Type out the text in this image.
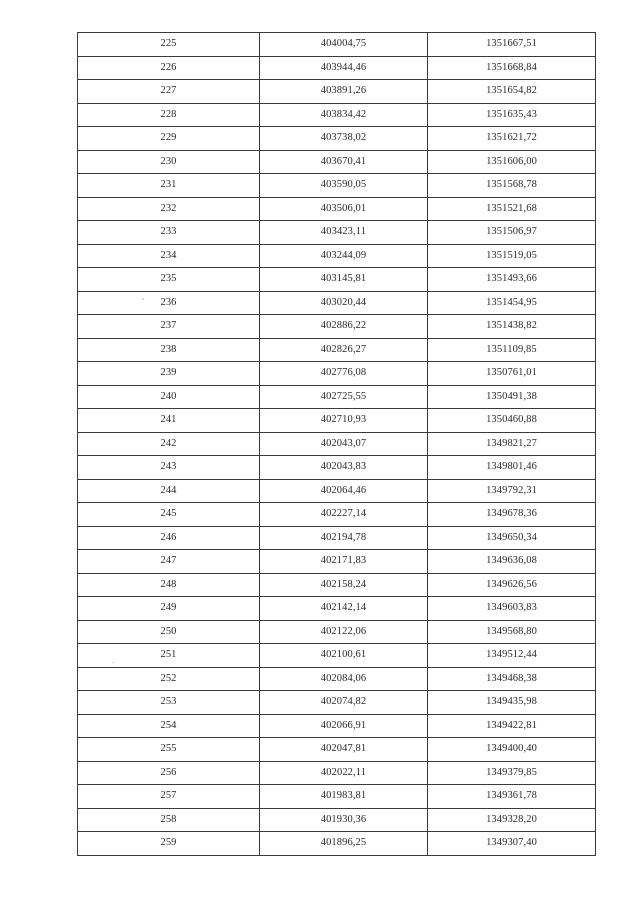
225	404004,75	1351667,51
226	403944,46	1351668,84
227	403891,26	1351654,82
228	403834,42	1351635,43
229	403738,02	1351621,72
230	403670,41	1351606,00
231	403590,05	1351568,78
232	403506,01	1351521,68
233	403423,11	1351506,97
234	403244,09	1351519,05
235	403145,81	1351493,66
236	403020,44	1351454,95
237	402886,22	1351438,82
238	402826,27	1351109,85
239	402776,08	1350761,01
240	402725,55	1350491,38
241	402710,93	1350460,88
242	402043,07	1349821,27
243	402043,83	1349801,46
244	402064,46	1349792,31
245	402227,14	1349678,36
246	402194,78	1349650,34
247	402171,83	1349636,08
248	402158,24	1349626,56
249	402142,14	1349603,83
250	402122,06	1349568,80
251	402100,61	1349512,44
252	402084,06	1349468,38
253	402074,82	1349435,98
254	402066,91	1349422,81
255	402047,81	1349400,40
256	402022,11	1349379,85
257	401983,81	1349361,78
258	401930,36	1349328,20
259	401896,25	1349307,40
